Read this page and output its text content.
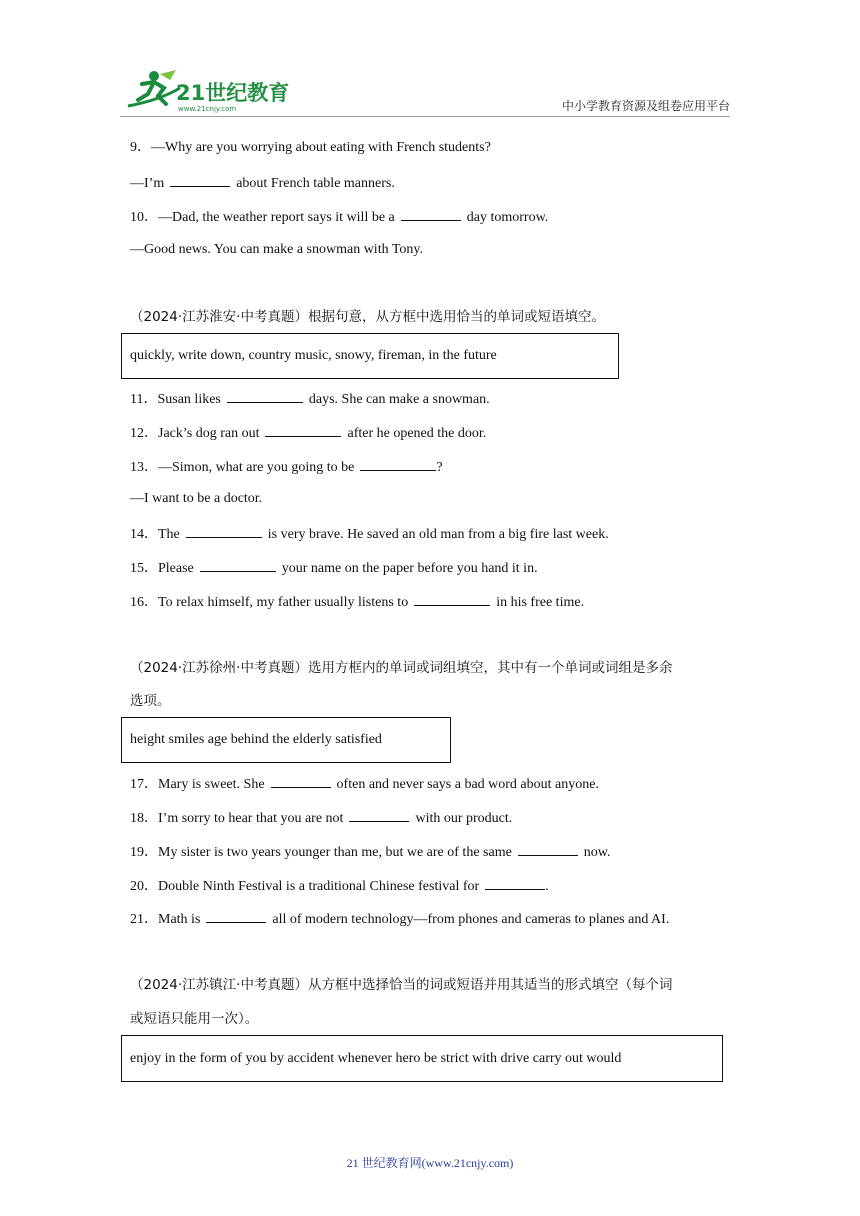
21世纪教育
www.21cnjy.com	中小学教育资源及组卷应用平台
9．—Why are you worrying about eating with French students?
—I’m	about French table manners.
10．—Dad, the weather report says it will be a	day tomorrow.
—Good news. You can make a snowman with Tony.
（2024·江苏淮安·中考真题）根据句意，从方框中选用恰当的单词或短语填空。
quickly, write down, country music, snowy, fireman, in the future
11．Susan likes	days. She can make a snowman.
12．Jack’s dog ran out	after he opened the door.
13．—Simon, what are you going to be	?
—I want to be a doctor.
14．The	is very brave. He saved an old man from a big fire last week.
15．Please	your name on the paper before you hand it in.
16．To relax himself, my father usually listens to	in his free time.
（2024·江苏徐州·中考真题）选用方框内的单词或词组填空，其中有一个单词或词组是多余
选项。
height smiles age behind the elderly satisfied
17．Mary is sweet. She	often and never says a bad word about anyone.
18．I’m sorry to hear that you are not	with our product.
19．My sister is two years younger than me, but we are of the same	now.
20．Double Ninth Festival is a traditional Chinese festival for	.
21．Math is	all of modern technology—from phones and cameras to planes and AI.
（2024·江苏镇江·中考真题）从方框中选择恰当的词或短语并用其适当的形式填空（每个词
或短语只能用一次）。
enjoy in the form of you by accident whenever hero be strict with drive carry out would
21 世纪教育网(www.21cnjy.com)
